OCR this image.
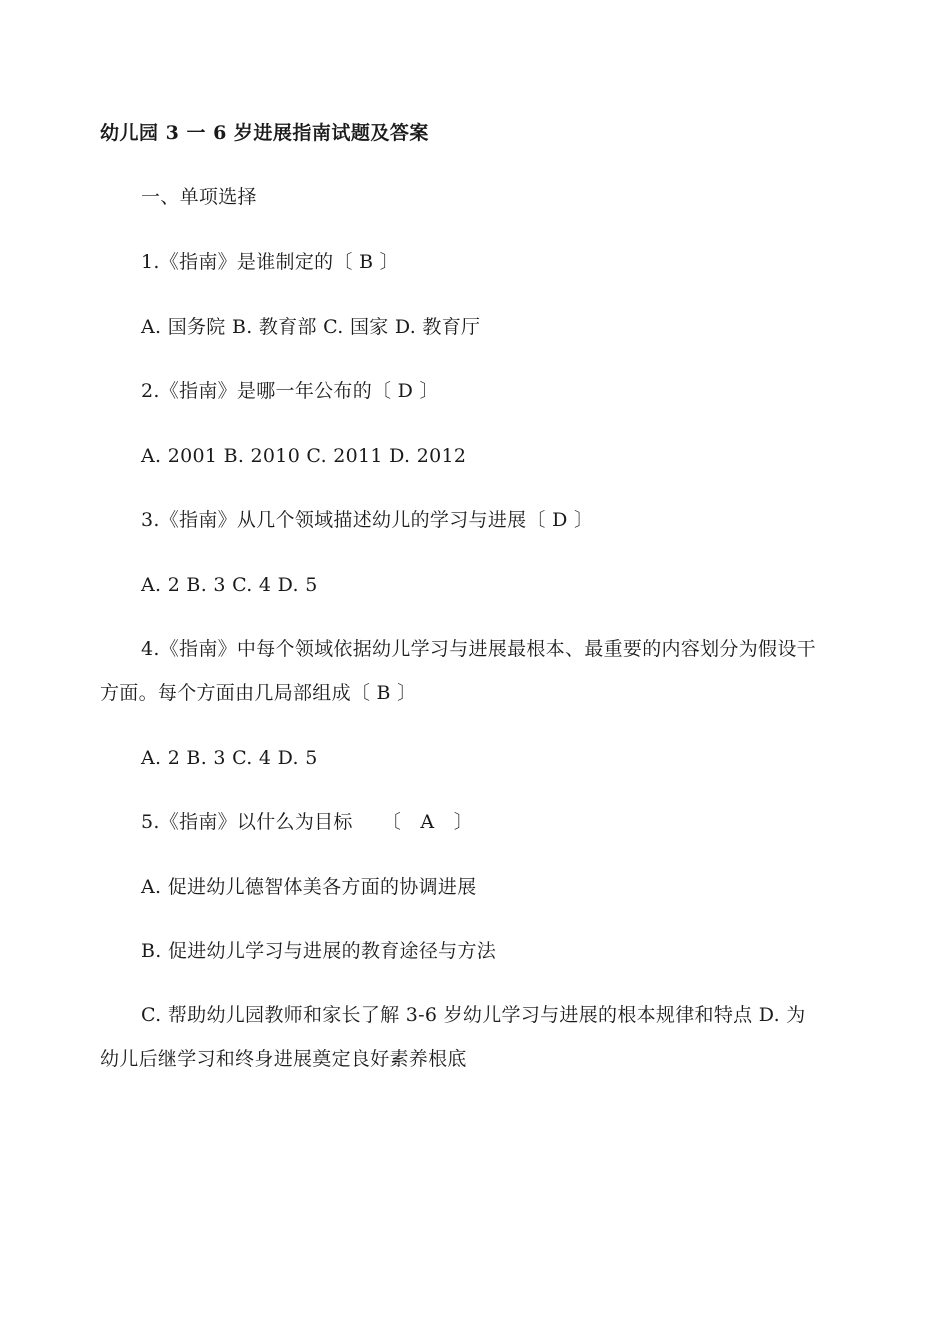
幼儿园 3 一 6 岁进展指南试题及答案
一、单项选择
1.《指南》是谁制定的〔 B 〕
A. 国务院 B. 教育部 C. 国家 D. 教育厅
2.《指南》是哪一年公布的〔 D 〕
A. 2001 B. 2010 C. 2011 D. 2012
3.《指南》从几个领域描述幼儿的学习与进展〔 D 〕
A. 2 B. 3 C. 4 D. 5
4.《指南》中每个领域依据幼儿学习与进展最根本、最重要的内容划分为假设干
方面。每个方面由几局部组成〔 B 〕
A. 2 B. 3 C. 4 D. 5
5.《指南》以什么为目标　　〔　A　〕
A. 促进幼儿德智体美各方面的协调进展
B. 促进幼儿学习与进展的教育途径与方法
C. 帮助幼儿园教师和家长了解 3-6 岁幼儿学习与进展的根本规律和特点 D. 为
幼儿后继学习和终身进展奠定良好素养根底
